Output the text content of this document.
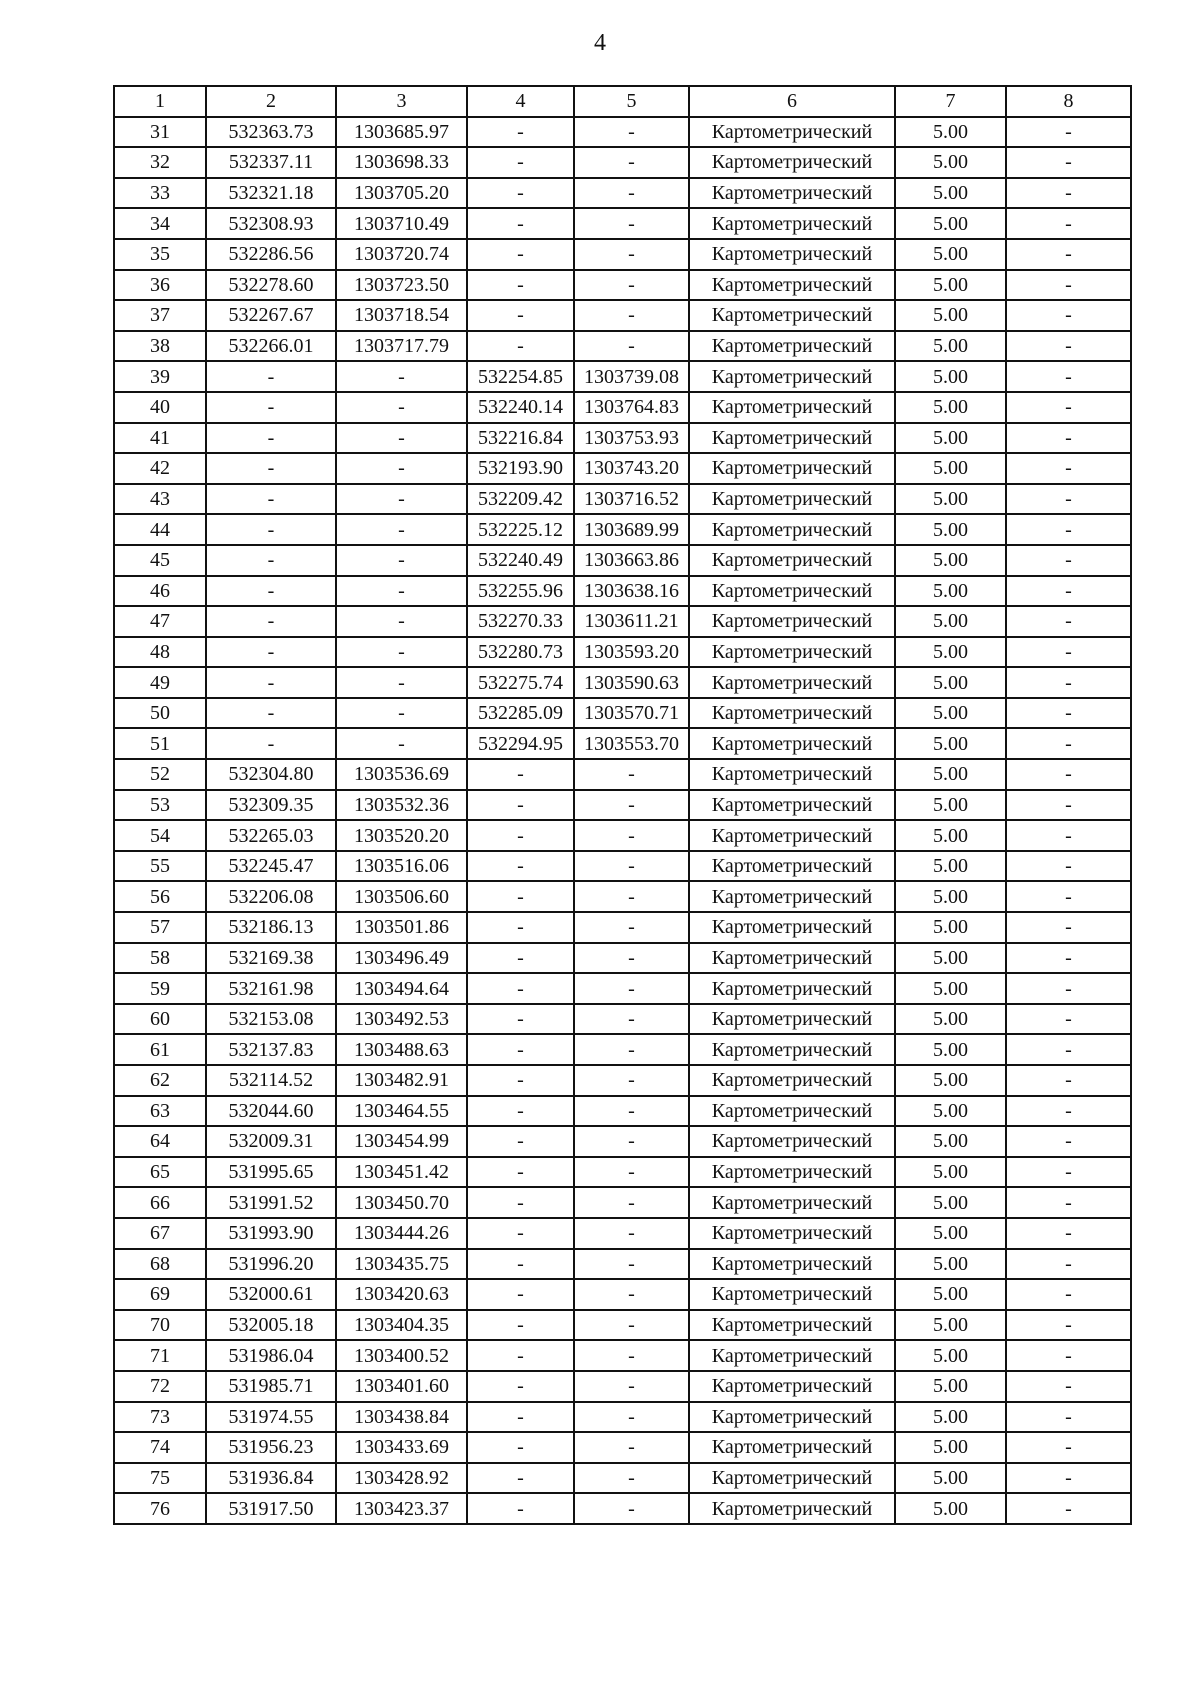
4
1	2	3	4	5	6	7	8
31	532363.73	1303685.97	-	-	Картометрический	5.00	-
32	532337.11	1303698.33	-	-	Картометрический	5.00	-
33	532321.18	1303705.20	-	-	Картометрический	5.00	-
34	532308.93	1303710.49	-	-	Картометрический	5.00	-
35	532286.56	1303720.74	-	-	Картометрический	5.00	-
36	532278.60	1303723.50	-	-	Картометрический	5.00	-
37	532267.67	1303718.54	-	-	Картометрический	5.00	-
38	532266.01	1303717.79	-	-	Картометрический	5.00	-
39	-	-	532254.85	1303739.08	Картометрический	5.00	-
40	-	-	532240.14	1303764.83	Картометрический	5.00	-
41	-	-	532216.84	1303753.93	Картометрический	5.00	-
42	-	-	532193.90	1303743.20	Картометрический	5.00	-
43	-	-	532209.42	1303716.52	Картометрический	5.00	-
44	-	-	532225.12	1303689.99	Картометрический	5.00	-
45	-	-	532240.49	1303663.86	Картометрический	5.00	-
46	-	-	532255.96	1303638.16	Картометрический	5.00	-
47	-	-	532270.33	1303611.21	Картометрический	5.00	-
48	-	-	532280.73	1303593.20	Картометрический	5.00	-
49	-	-	532275.74	1303590.63	Картометрический	5.00	-
50	-	-	532285.09	1303570.71	Картометрический	5.00	-
51	-	-	532294.95	1303553.70	Картометрический	5.00	-
52	532304.80	1303536.69	-	-	Картометрический	5.00	-
53	532309.35	1303532.36	-	-	Картометрический	5.00	-
54	532265.03	1303520.20	-	-	Картометрический	5.00	-
55	532245.47	1303516.06	-	-	Картометрический	5.00	-
56	532206.08	1303506.60	-	-	Картометрический	5.00	-
57	532186.13	1303501.86	-	-	Картометрический	5.00	-
58	532169.38	1303496.49	-	-	Картометрический	5.00	-
59	532161.98	1303494.64	-	-	Картометрический	5.00	-
60	532153.08	1303492.53	-	-	Картометрический	5.00	-
61	532137.83	1303488.63	-	-	Картометрический	5.00	-
62	532114.52	1303482.91	-	-	Картометрический	5.00	-
63	532044.60	1303464.55	-	-	Картометрический	5.00	-
64	532009.31	1303454.99	-	-	Картометрический	5.00	-
65	531995.65	1303451.42	-	-	Картометрический	5.00	-
66	531991.52	1303450.70	-	-	Картометрический	5.00	-
67	531993.90	1303444.26	-	-	Картометрический	5.00	-
68	531996.20	1303435.75	-	-	Картометрический	5.00	-
69	532000.61	1303420.63	-	-	Картометрический	5.00	-
70	532005.18	1303404.35	-	-	Картометрический	5.00	-
71	531986.04	1303400.52	-	-	Картометрический	5.00	-
72	531985.71	1303401.60	-	-	Картометрический	5.00	-
73	531974.55	1303438.84	-	-	Картометрический	5.00	-
74	531956.23	1303433.69	-	-	Картометрический	5.00	-
75	531936.84	1303428.92	-	-	Картометрический	5.00	-
76	531917.50	1303423.37	-	-	Картометрический	5.00	-
